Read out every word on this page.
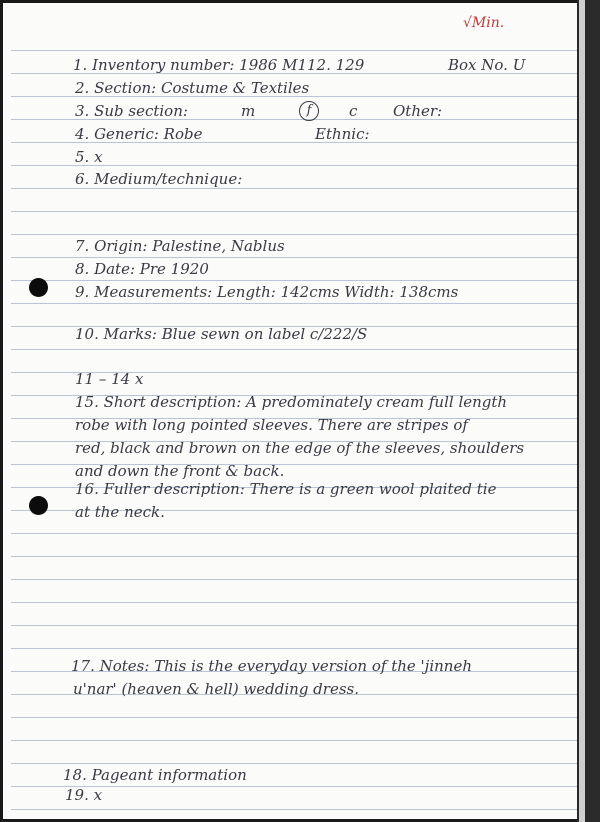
√Min.
1. Inventory number: 1986 M112. 129	Box No. U
2. Section: Costume & Textiles
3. Sub section:	m	f	c Other:
4. Generic: Robe	Ethnic:
5. x
6. Medium/technique:
7. Origin: Palestine, Nablus
8. Date: Pre 1920
9. Measurements: Length: 142cms Width: 138cms
10. Marks: Blue sewn on label c/222/S
11 – 14 x
15. Short description: A predominately cream full length
robe with long pointed sleeves. There are stripes of
red, black and brown on the edge of the sleeves, shoulders
and down the front & back.
16. Fuller description: There is a green wool plaited tie
at the neck.
17. Notes: This is the everyday version of the 'jinneh
u'nar' (heaven & hell) wedding dress.
18. Pageant information
19. x
